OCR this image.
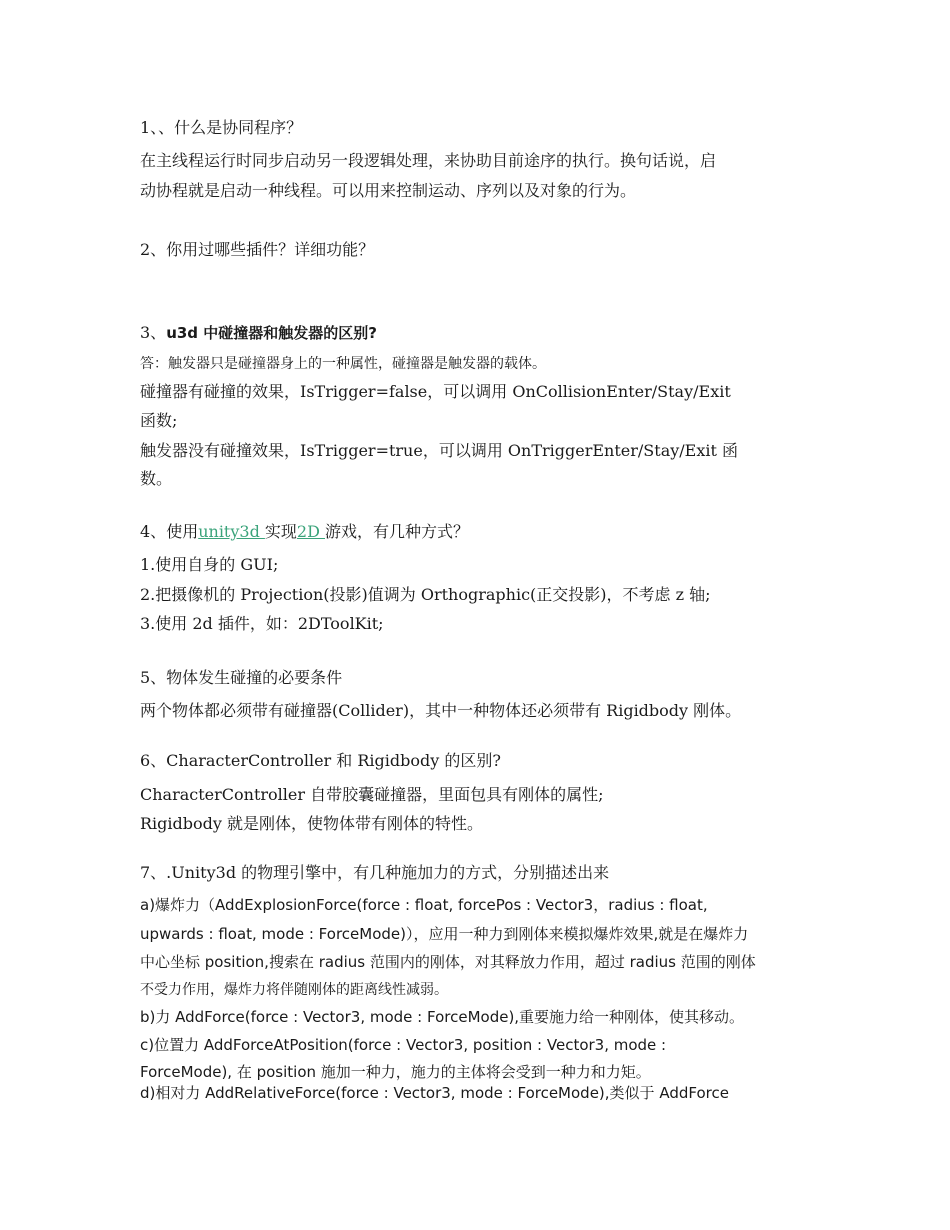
1、、什么是协同程序？
在主线程运行时同步启动另一段逻辑处理，来协助目前途序的执行。换句话说，启
动协程就是启动一种线程。可以用来控制运动、序列以及对象的行为。
2、你用过哪些插件？详细功能？
3、u3d 中碰撞器和触发器的区别?
答：触发器只是碰撞器身上的一种属性，碰撞器是触发器的载体。
碰撞器有碰撞的效果，IsTrigger=false，可以调用 OnCollisionEnter/Stay/Exit
函数;
触发器没有碰撞效果，IsTrigger=true，可以调用 OnTriggerEnter/Stay/Exit 函
数。
4、使用unity3d 实现2D 游戏，有几种方式？
1.使用自身的 GUI;
2.把摄像机的 Projection(投影)值调为 Orthographic(正交投影)，不考虑 z 轴;
3.使用 2d 插件，如：2DToolKit;
5、物体发生碰撞的必要条件
两个物体都必须带有碰撞器(Collider)，其中一种物体还必须带有 Rigidbody 刚体。
6、CharacterController 和 Rigidbody 的区别?
CharacterController 自带胶囊碰撞器，里面包具有刚体的属性;
Rigidbody 就是刚体，使物体带有刚体的特性。
7、.Unity3d 的物理引擎中，有几种施加力的方式，分别描述出来
a)爆炸力（AddExplosionForce(force : float, forcePos : Vector3，radius : float,
upwards : float, mode : ForceMode)），应用一种力到刚体来模拟爆炸效果,就是在爆炸力
中心坐标 position,搜索在 radius 范围内的刚体，对其释放力作用，超过 radius 范围的刚体
不受力作用，爆炸力将伴随刚体的距离线性减弱。
b)力 AddForce(force : Vector3, mode : ForceMode),重要施力给一种刚体，使其移动。
c)位置力 AddForceAtPosition(force : Vector3, position : Vector3, mode :
ForceMode), 在 position 施加一种力，施力的主体将会受到一种力和力矩。
d)相对力 AddRelativeForce(force : Vector3, mode : ForceMode),类似于 AddForce
